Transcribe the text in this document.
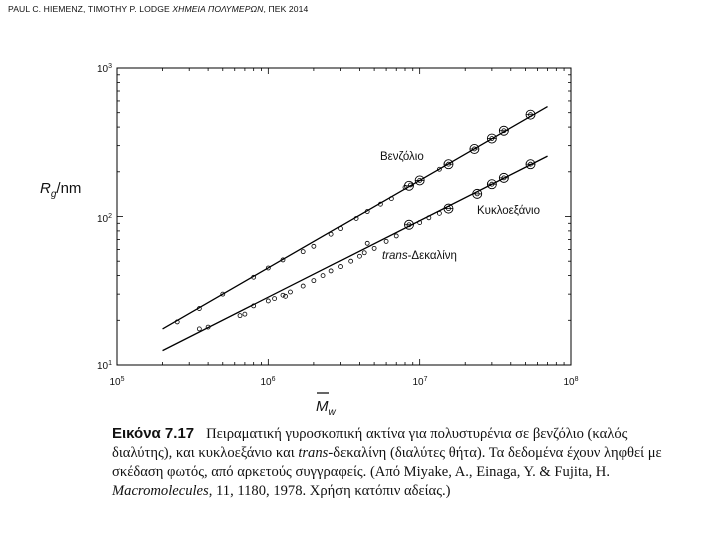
PAUL C. HIEMENZ, TIMOTHY P. LODGE ΧΗΜΕΙΑ ΠΟΛΥΜΕΡΩΝ, ΠΕΚ 2014
$10^1$
$10^2$
$10^3$
$10^5$	$10^6$	$10^7$	$10^8$
$R_g/nm$
$M_w$
Βενζόλιο
Κυκλοεξάνιο
trans-Δεκαλίνη
Εικόνα 7.17 Πειραματική γυροσκοπική ακτίνα για πολυστυρένια σε βενζόλιο (καλός διαλύτης), και κυκλοεξάνιο και trans-δεκαλίνη (διαλύτες θήτα). Τα δεδομένα έχουν ληφθεί με σκέδαση φωτός, από αρκετούς συγγραφείς. (Από Miyake, A., Einaga, Y. & Fujita, H. Macromolecules, 11, 1180, 1978. Χρήση κατόπιν αδείας.)
